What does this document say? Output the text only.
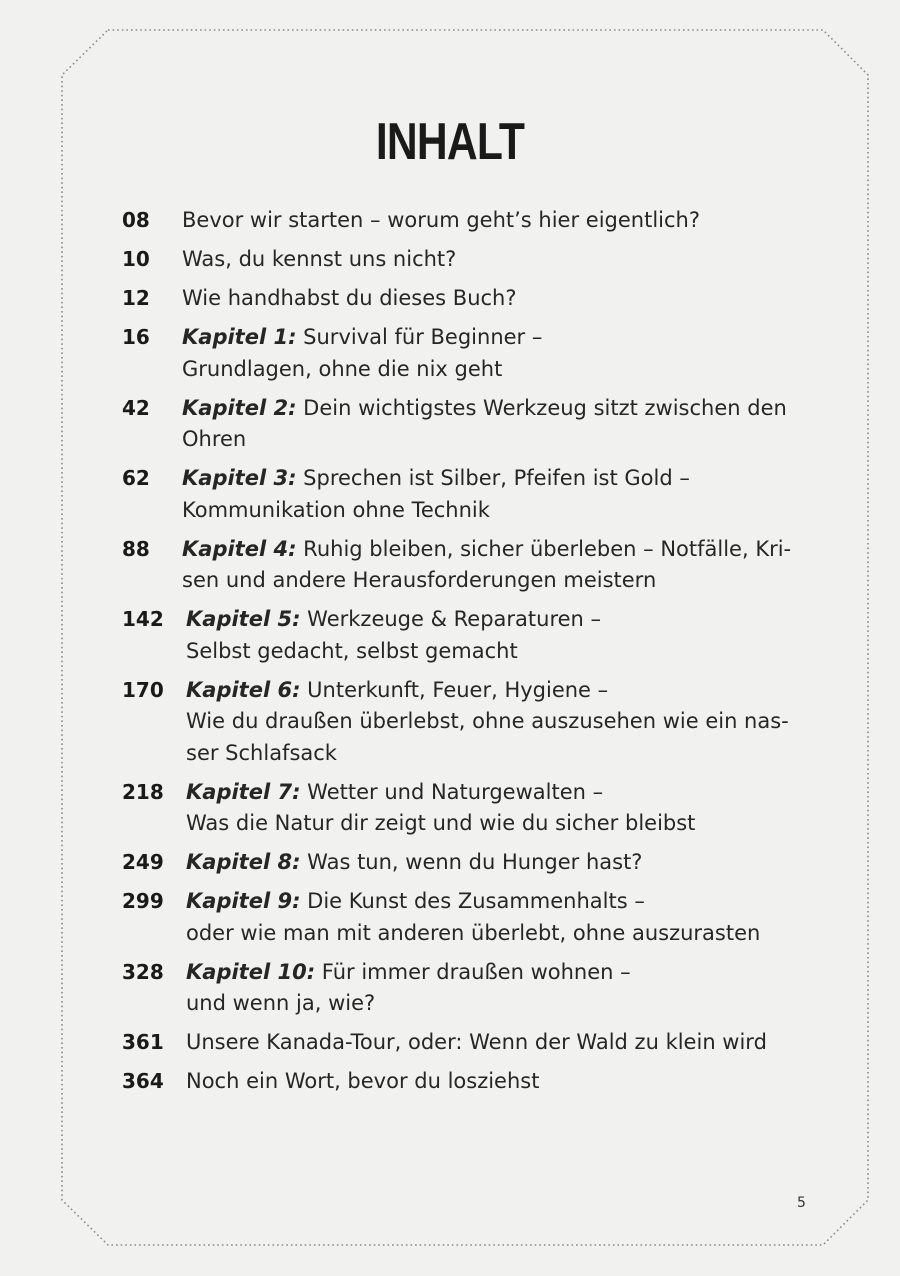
INHALT
08	Bevor wir starten – worum geht’s hier eigentlich?
10	Was, du kennst uns nicht?
12	Wie handhabst du dieses Buch?
16	Kapitel 1: Survival für Beginner –
Grundlagen, ohne die nix geht
42	Kapitel 2: Dein wichtigstes Werkzeug sitzt zwischen den
Ohren
62	Kapitel 3: Sprechen ist Silber, Pfeifen ist Gold –
Kommunikation ohne Technik
88	Kapitel 4: Ruhig bleiben, sicher überleben – Notfälle, Kri-
sen und andere Herausforderungen meistern
142	Kapitel 5: Werkzeuge & Reparaturen –
Selbst gedacht, selbst gemacht
170	Kapitel 6: Unterkunft, Feuer, Hygiene –
Wie du draußen überlebst, ohne auszusehen wie ein nas-
ser Schlafsack
218	Kapitel 7: Wetter und Naturgewalten –
Was die Natur dir zeigt und wie du sicher bleibst
249	Kapitel 8: Was tun, wenn du Hunger hast?
299	Kapitel 9: Die Kunst des Zusammenhalts –
oder wie man mit anderen überlebt, ohne auszurasten
328	Kapitel 10: Für immer draußen wohnen –
und wenn ja, wie?
361	Unsere Kanada-Tour, oder: Wenn der Wald zu klein wird
364	Noch ein Wort, bevor du losziehst
5
